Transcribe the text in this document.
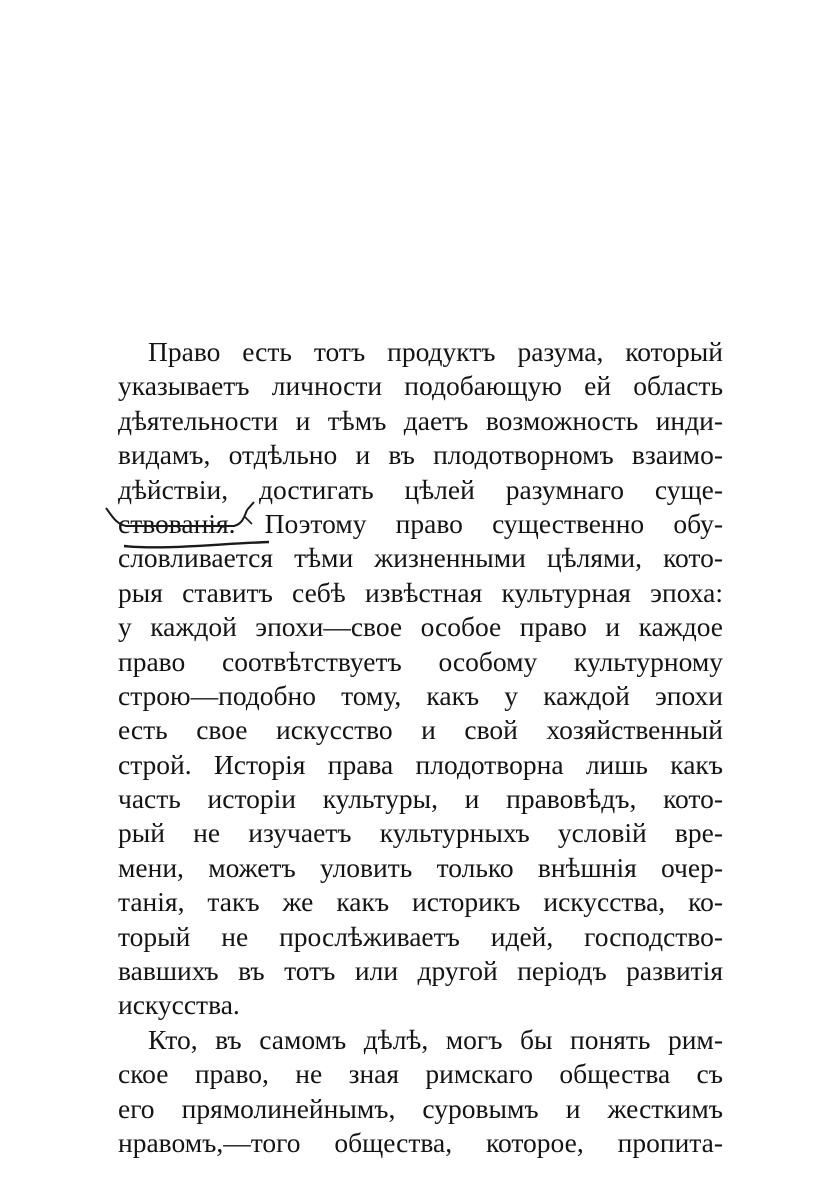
Право есть тотъ продуктъ разума, который
указываетъ личности подобающую ей область
дѣятельности и тѣмъ даетъ возможность инди-
видамъ, отдѣльно и въ плодотворномъ взаимо-
дѣйствіи, достигать цѣлей разумнаго суще-
ствованія. Поэтому право существенно обу-
словливается тѣми жизненными цѣлями, кото-
рыя ставитъ себѣ извѣстная культурная эпоха:
у каждой эпохи—свое особое право и каждое
право соотвѣтствуетъ особому культурному
строю—подобно тому, какъ у каждой эпохи
есть свое искусство и свой хозяйственный
строй. Исторія права плодотворна лишь какъ
часть исторіи культуры, и правовѣдъ, кото-
рый не изучаетъ культурныхъ условій вре-
мени, можетъ уловить только внѣшнія очер-
танія, такъ же какъ историкъ искусства, ко-
торый не прослѣживаетъ идей, господство-
вавшихъ въ тотъ или другой періодъ развитія
искусства.
Кто, въ самомъ дѣлѣ, могъ бы понять рим-
ское право, не зная римскаго общества съ
его прямолинейнымъ, суровымъ и жесткимъ
нравомъ,—того общества, которое, пропита-
